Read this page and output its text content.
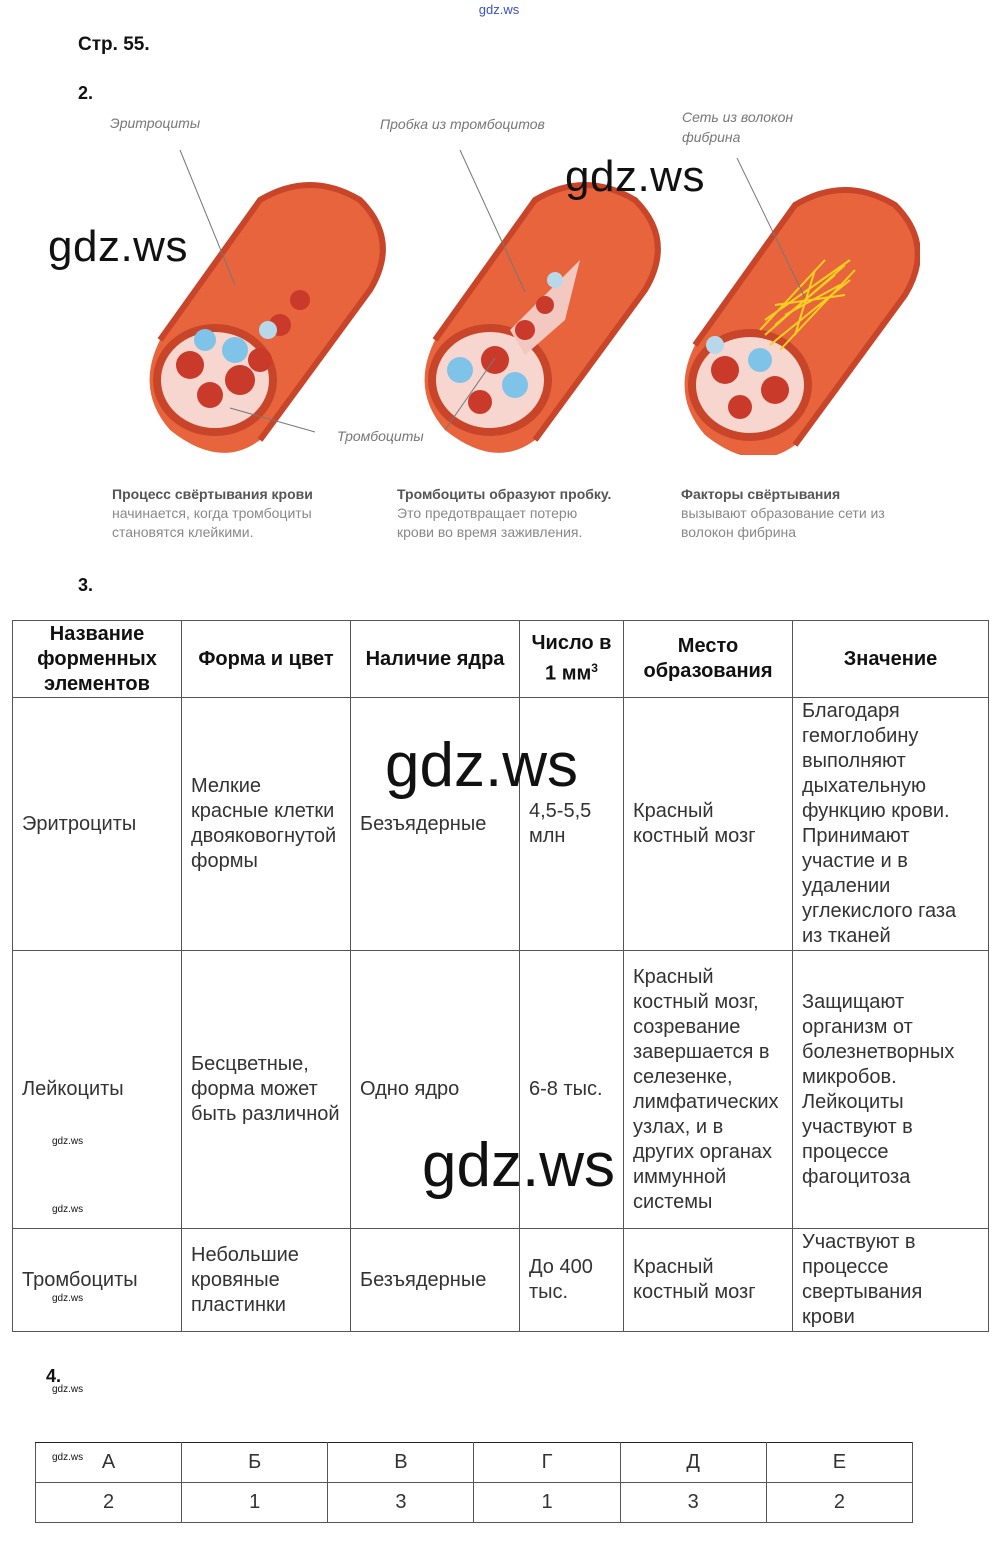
gdz.ws
Стр. 55.
2.
Эритроциты	Пробка из тромбоцитов	Сеть из волокон
фибрина
Тромбоциты
Процесс свёртывания крови
начинается, когда тромбоциты
становятся клейкими.
Тромбоциты образуют пробку.
Это предотвращает потерю
крови во время заживления.
Факторы свёртывания
вызывают образование сети из
волокон фибрина
3.
Название форменных элементов	Форма и цвет	Наличие ядра	Число в 1 $мм^3$	Место образования	Значение
Эритроциты	Мелкие красные клетки двояковогнутой формы	Безъядерные	4,5-5,5 млн	Красный костный мозг	Благодаря гемоглобину выполняют дыхательную функцию крови. Принимают участие и в удалении углекислого газа из тканей
Лейкоциты	Бесцветные, форма может быть различной	Одно ядро	6-8 тыс.	Красный костный мозг, созревание завершается в селезенке, лимфатических узлах, и в других органах иммунной системы	Защищают организм от болезнетворных микробов. Лейкоциты участвуют в процессе фагоцитоза
Тромбоциты	Небольшие кровяные пластинки	Безъядерные	До 400 тыс.	Красный костный мозг	Участвуют в процессе свертывания крови
4.
А	Б	В	Г	Д	Е
2	1	3	1	3	2
gdz.ws
gdz.ws
gdz.ws
gdz.ws
gdz.ws
gdz.ws
gdz.ws
gdz.ws
gdz.ws
